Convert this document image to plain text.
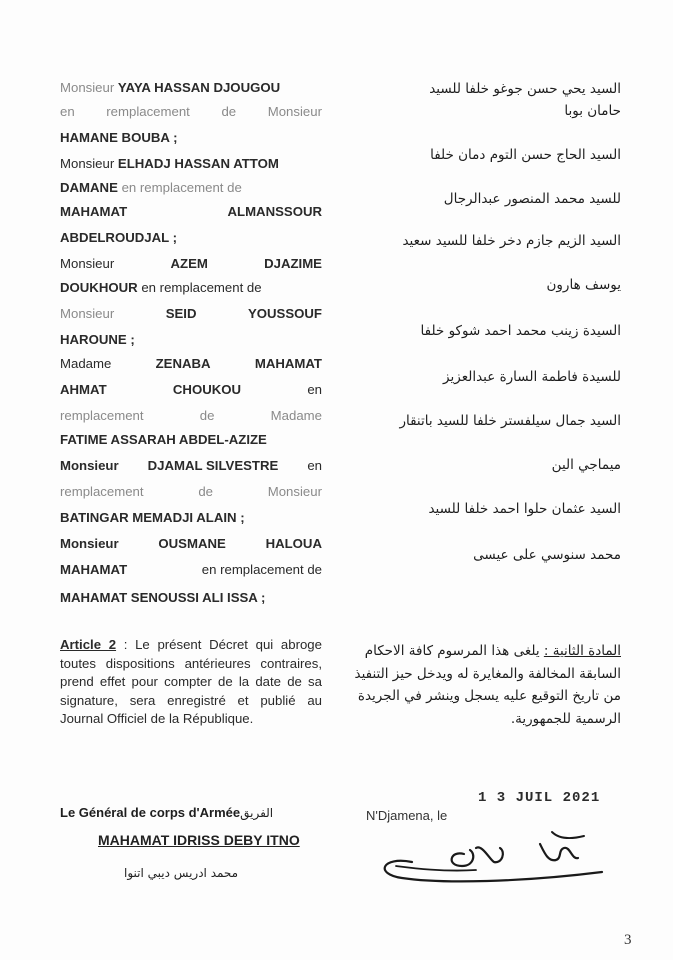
Monsieur YAYA HASSAN DJOUGOU
en remplacement de Monsieur
HAMANE BOUBA ;
Monsieur ELHADJ HASSAN ATTOM
DAMANE en remplacement de
MAHAMAT	ALMANSSOUR
ABDELROUDJAL ;
Monsieur	AZEM	DJAZIME
DOUKHOUR en remplacement de
Monsieur	SEID	YOUSSOUF
HAROUNE ;
Madame	ZENABA	MAHAMAT
AHMAT	CHOUKOU	en
remplacement	de	Madame
FATIME ASSARAH ABDEL-AZIZE
Monsieur DJAMAL SILVESTRE en
remplacement	de	Monsieur
BATINGAR MEMADJI ALAIN ;
Monsieur	OUSMANE	HALOUA
MAHAMAT	en remplacement de
MAHAMAT SENOUSSI ALI ISSA ;
السيد يحي حسن جوغو خلفا للسيد
حامان بوبا
السيد الحاج حسن التوم دمان خلفا
للسيد محمد المنصور عبدالرجال
السيد الزيم جازم دخر خلفا للسيد سعيد
يوسف هارون
السيدة زينب محمد احمد شوكو خلفا
للسيدة فاطمة السارة عبدالعزيز
السيد جمال سيلفستر خلفا للسيد باتنقار
ميماجي الين
السيد عثمان حلوا احمد خلفا للسيد
محمد سنوسي على عيسى
Article 2 : Le présent Décret qui abroge toutes dispositions antérieures contraires, prend effet pour compter de la date de sa signature, sera enregistré et publié au Journal Officiel de la République.
المادة الثانية : يلغى هذا المرسوم كافة الاحكام السابقة المخالفة والمغايرة له ويدخل حيز التنفيذ من تاريخ التوقيع عليه يسجل وينشر في الجريدة الرسمية للجمهورية.
Le Général de corps d'Arméeالفريق
MAHAMAT IDRISS DEBY ITNO
محمد ادريس ديبي اتنوا
1 3 JUIL 2021
N'Djamena, le
3
